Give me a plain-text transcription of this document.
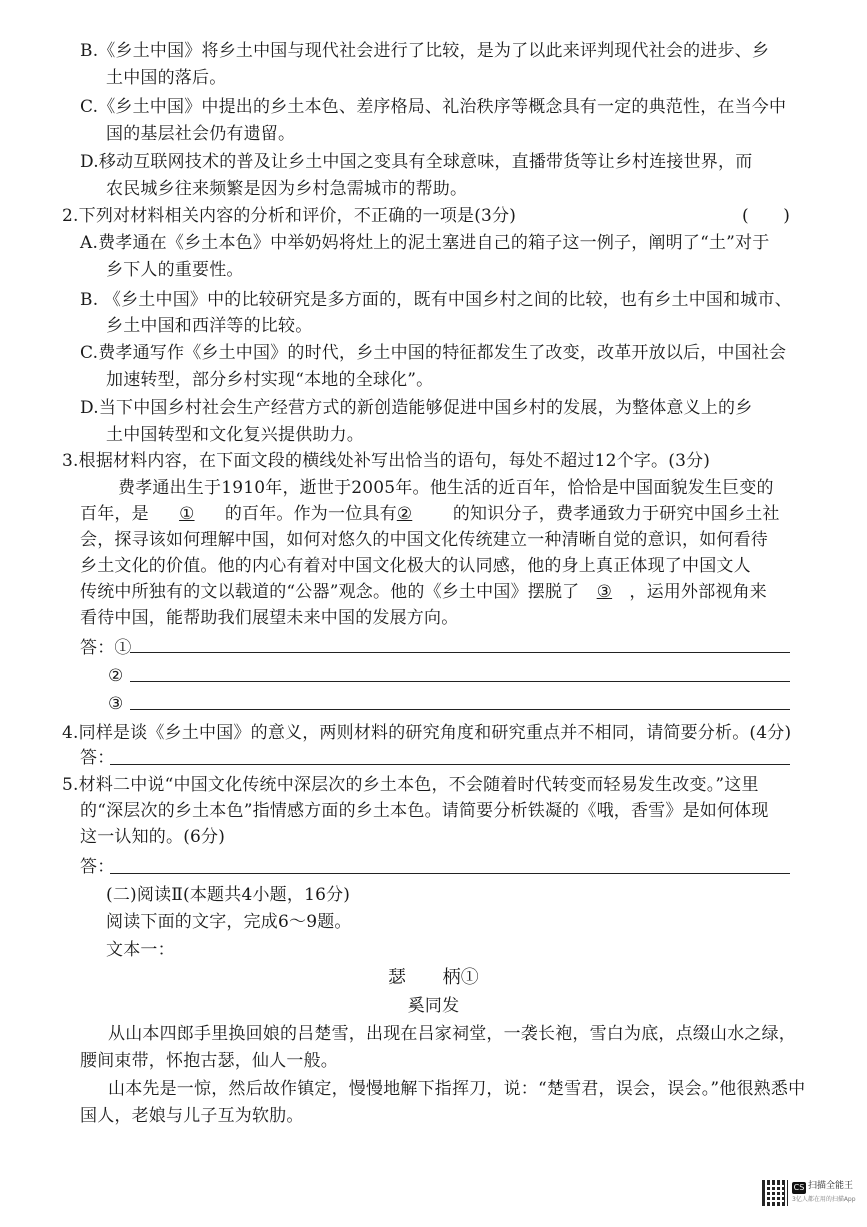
B.《乡土中国》将乡土中国与现代社会进行了比较，是为了以此来评判现代社会的进步、乡
土中国的落后。
C.《乡土中国》中提出的乡土本色、差序格局、礼治秩序等概念具有一定的典范性，在当今中
国的基层社会仍有遗留。
D.移动互联网技术的普及让乡土中国之变具有全球意味，直播带货等让乡村连接世界，而
农民城乡往来频繁是因为乡村急需城市的帮助。
2.下列对材料相关内容的分析和评价，不正确的一项是(3分)	(　　)
A.费孝通在《乡土本色》中举奶妈将灶上的泥土塞进自己的箱子这一例子，阐明了“土”对于
乡下人的重要性。
B. 《乡土中国》中的比较研究是多方面的，既有中国乡村之间的比较，也有乡土中国和城市、
乡土中国和西洋等的比较。
C.费孝通写作《乡土中国》的时代，乡土中国的特征都发生了改变，改革开放以后，中国社会
加速转型，部分乡村实现“本地的全球化”。
D.当下中国乡村社会生产经营方式的新创造能够促进中国乡村的发展，为整体意义上的乡
土中国转型和文化复兴提供助力。
3.根据材料内容，在下面文段的横线处补写出恰当的语句，每处不超过12个字。(3分)
费孝通出生于1910年，逝世于2005年。他生活的近百年，恰恰是中国面貌发生巨变的
百年，是 ① 的百年。作为一位具有② 的知识分子，费孝通致力于研究中国乡土社
会，探寻该如何理解中国，如何对悠久的中国文化传统建立一种清晰自觉的意识，如何看待
乡土文化的价值。他的内心有着对中国文化极大的认同感，他的身上真正体现了中国文人
传统中所独有的文以载道的“公器”观念。他的《乡土中国》摆脱了 ③ ，运用外部视角来
看待中国，能帮助我们展望未来中国的发展方向。
答：①
②
③
4.同样是谈《乡土中国》的意义，两则材料的研究角度和研究重点并不相同，请简要分析。(4分)
答：
5.材料二中说“中国文化传统中深层次的乡土本色，不会随着时代转变而轻易发生改变。”这里
的“深层次的乡土本色”指情感方面的乡土本色。请简要分析铁凝的《哦，香雪》是如何体现
这一认知的。(6分)
答：
(二)阅读Ⅱ(本题共4小题，16分)
阅读下面的文字，完成6～9题。
文本一：
瑟　　柄①
奚同发
从山本四郎手里换回娘的吕楚雪，出现在吕家祠堂，一袭长袍，雪白为底，点缀山水之绿，
腰间束带，怀抱古瑟，仙人一般。
山本先是一惊，然后故作镇定，慢慢地解下指挥刀，说：“楚雪君，误会，误会。”他很熟悉中
国人，老娘与儿子互为软肋。
CS 扫描全能王
3亿人都在用的扫描App
